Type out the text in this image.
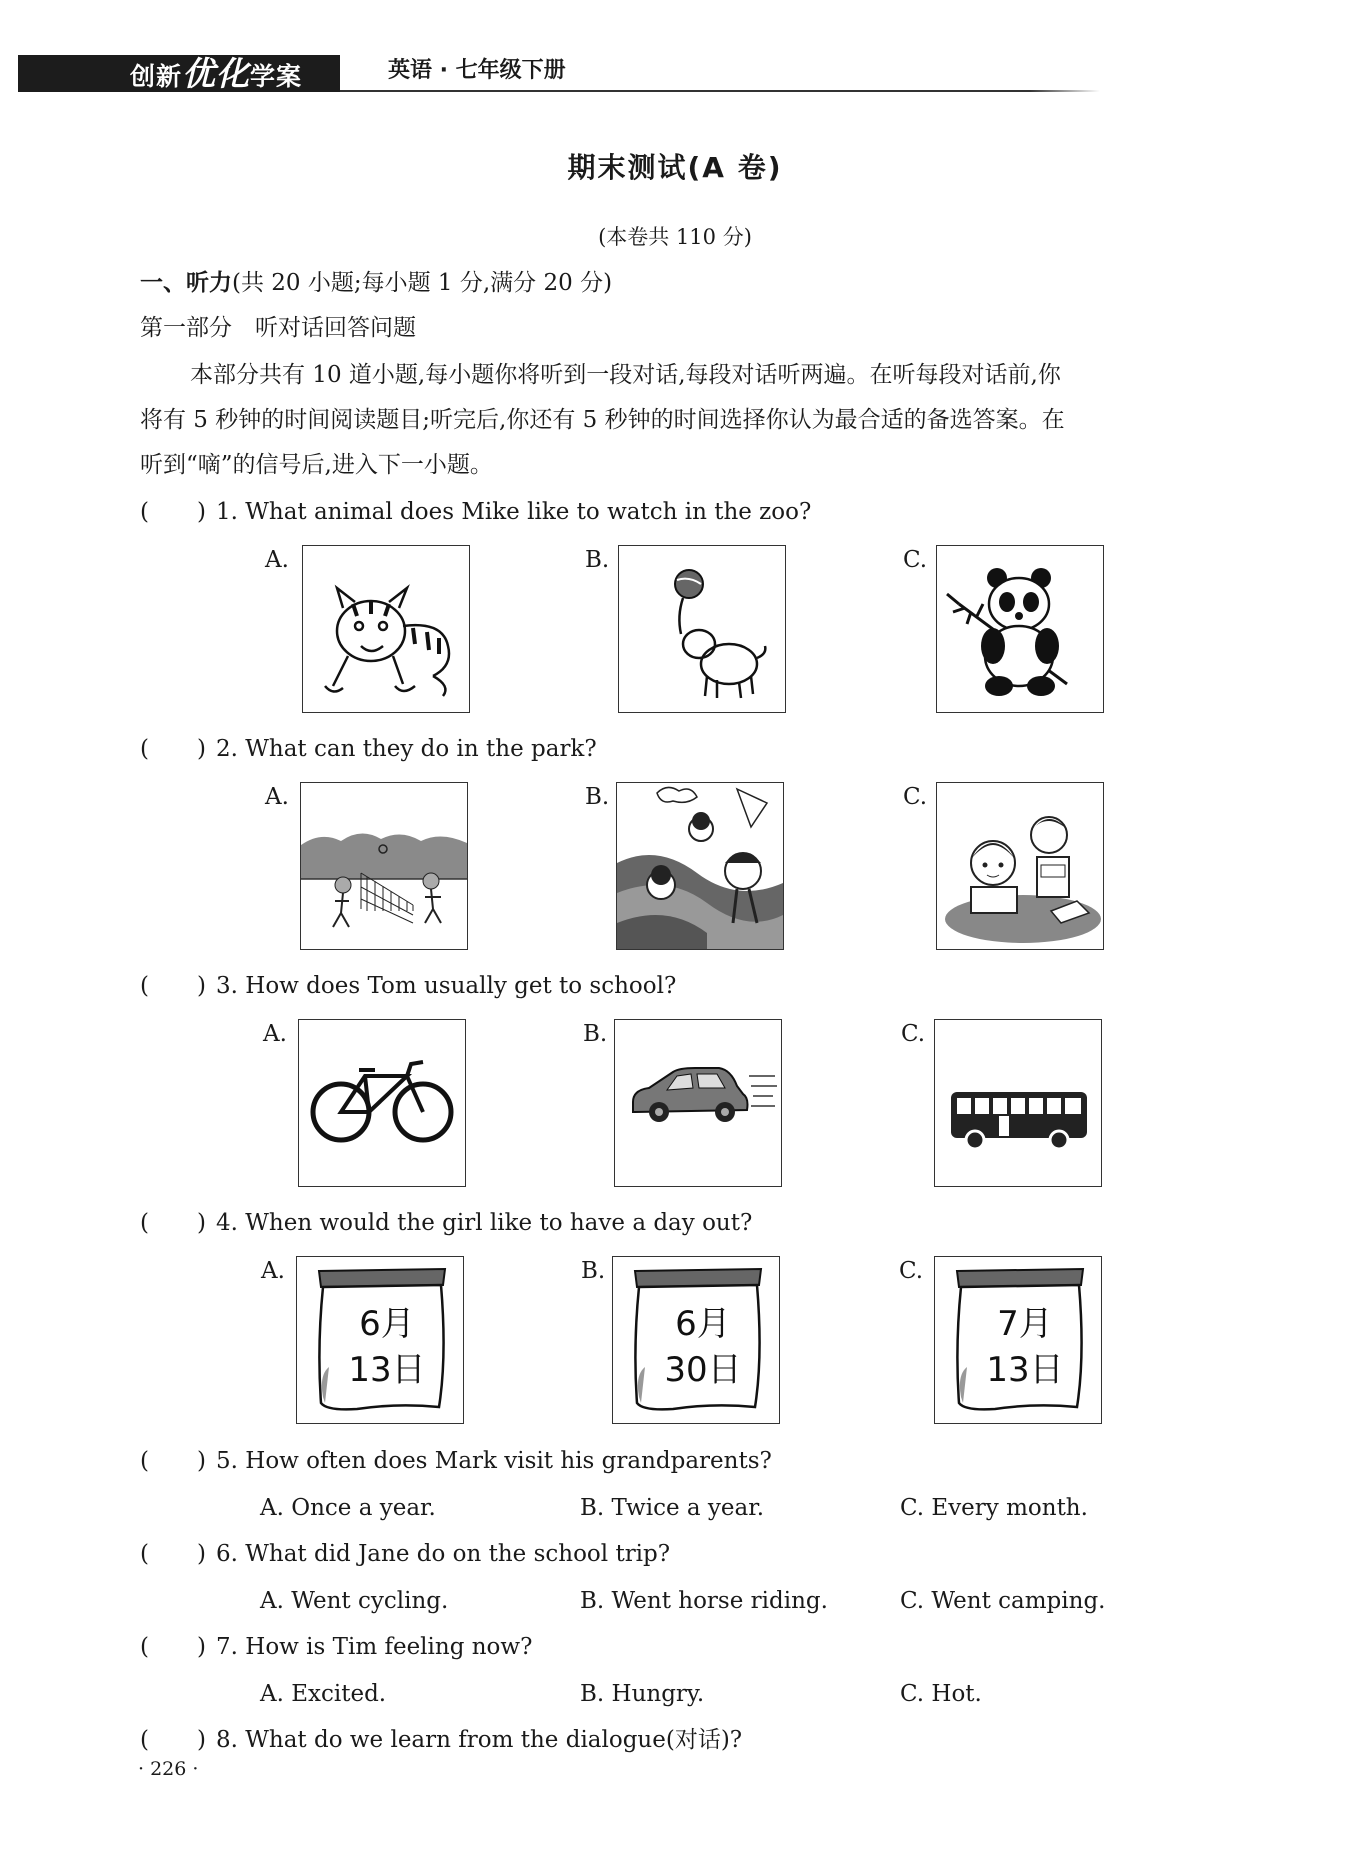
创新优化学案	英语 · 七年级下册
期末测试(A 卷)
(本卷共 110 分)
一、听力(共 20 小题;每小题 1 分,满分 20 分)
第一部分　听对话回答问题
本部分共有 10 道小题,每小题你将听到一段对话,每段对话听两遍。在听每段对话前,你
将有 5 秒钟的时间阅读题目;听完后,你还有 5 秒钟的时间选择你认为最合适的备选答案。在
听到“嘀”的信号后,进入下一小题。
( ) 1. What animal does Mike like to watch in the zoo?
A.	B.	C.
( ) 2. What can they do in the park?
A.	B.	C.
( ) 3. How does Tom usually get to school?
A.	B.	C.
( ) 4. When would the girl like to have a day out?
A.	B.	C.
6月
13日
6月
30日
7月
13日
( ) 5. How often does Mark visit his grandparents?
A. Once a year.	B. Twice a year.	C. Every month.
( ) 6. What did Jane do on the school trip?
A. Went cycling.	B. Went horse riding.	C. Went camping.
( ) 7. How is Tim feeling now?
A. Excited.	B. Hungry.	C. Hot.
( ) 8. What do we learn from the dialogue(对话)?
· 226 ·
